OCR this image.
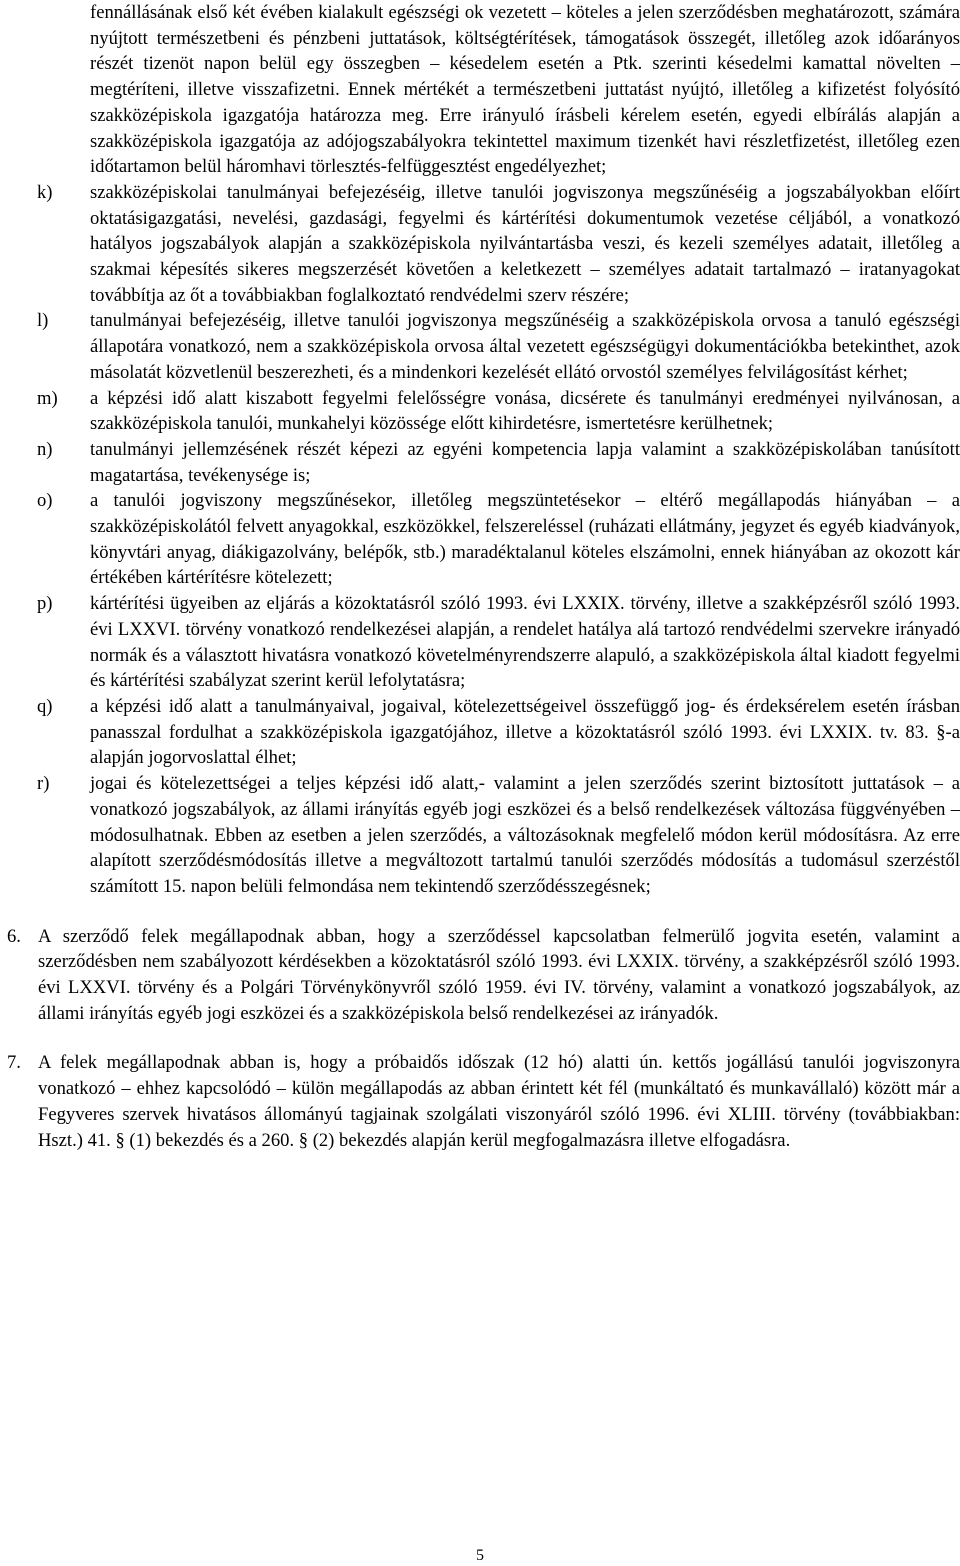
fennállásának első két évében kialakult egészségi ok vezetett – köteles a jelen szerződésben meghatározott, számára nyújtott természetbeni és pénzbeni juttatások, költségtérítések, támogatások összegét, illetőleg azok időarányos részét tizenöt napon belül egy összegben – késedelem esetén a Ptk. szerinti késedelmi kamattal növelten – megtéríteni, illetve visszafizetni. Ennek mértékét a természetbeni juttatást nyújtó, illetőleg a kifizetést folyósító szakközépiskola igazgatója határozza meg. Erre irányuló írásbeli kérelem esetén, egyedi elbírálás alapján a szakközépiskola igazgatója az adójogszabályokra tekintettel maximum tizenkét havi részletfizetést, illetőleg ezen időtartamon belül háromhavi törlesztés-felfüggesztést engedélyezhet;
k) szakközépiskolai tanulmányai befejezéséig, illetve tanulói jogviszonya megszűnéséig a jogszabályokban előírt oktatásigazgatási, nevelési, gazdasági, fegyelmi és kártérítési dokumentumok vezetése céljából, a vonatkozó hatályos jogszabályok alapján a szakközépiskola nyilvántartásba veszi, és kezeli személyes adatait, illetőleg a szakmai képesítés sikeres megszerzését követően a keletkezett – személyes adatait tartalmazó – iratanyagokat továbbítja az őt a továbbiakban foglalkoztató rendvédelmi szerv részére;
l) tanulmányai befejezéséig, illetve tanulói jogviszonya megszűnéséig a szakközépiskola orvosa a tanuló egészségi állapotára vonatkozó, nem a szakközépiskola orvosa által vezetett egészségügyi dokumentációkba betekinthet, azok másolatát közvetlenül beszerezheti, és a mindenkori kezelését ellátó orvostól személyes felvilágosítást kérhet;
m) a képzési idő alatt kiszabott fegyelmi felelősségre vonása, dicsérete és tanulmányi eredményei nyilvánosan, a szakközépiskola tanulói, munkahelyi közössége előtt kihirdetésre, ismertetésre kerülhetnek;
n) tanulmányi jellemzésének részét képezi az egyéni kompetencia lapja valamint a szakközépiskolában tanúsított magatartása, tevékenysége is;
o) a tanulói jogviszony megszűnésekor, illetőleg megszüntetésekor – eltérő megállapodás hiányában – a szakközépiskolától felvett anyagokkal, eszközökkel, felszereléssel (ruházati ellátmány, jegyzet és egyéb kiadványok, könyvtári anyag, diákigazolvány, belépők, stb.) maradéktalanul köteles elszámolni, ennek hiányában az okozott kár értékében kártérítésre kötelezett;
p) kártérítési ügyeiben az eljárás a közoktatásról szóló 1993. évi LXXIX. törvény, illetve a szakképzésről szóló 1993. évi LXXVI. törvény vonatkozó rendelkezései alapján, a rendelet hatálya alá tartozó rendvédelmi szervekre irányadó normák és a választott hivatásra vonatkozó követelményrendszerre alapuló, a szakközépiskola által kiadott fegyelmi és kártérítési szabályzat szerint kerül lefolytatásra;
q) a képzési idő alatt a tanulmányaival, jogaival, kötelezettségeivel összefüggő jog- és érdeksérelem esetén írásban panasszal fordulhat a szakközépiskola igazgatójához, illetve a közoktatásról szóló 1993. évi LXXIX. tv. 83. §-a alapján jogorvoslattal élhet;
r) jogai és kötelezettségei a teljes képzési idő alatt,- valamint a jelen szerződés szerint biztosított juttatások – a vonatkozó jogszabályok, az állami irányítás egyéb jogi eszközei és a belső rendelkezések változása függvényében – módosulhatnak. Ebben az esetben a jelen szerződés, a változásoknak megfelelő módon kerül módosításra. Az erre alapított szerződésmódosítás illetve a megváltozott tartalmú tanulói szerződés módosítás a tudomásul szerzéstől számított 15. napon belüli felmondása nem tekintendő szerződésszegésnek;
6. A szerződő felek megállapodnak abban, hogy a szerződéssel kapcsolatban felmerülő jogvita esetén, valamint a szerződésben nem szabályozott kérdésekben a közoktatásról szóló 1993. évi LXXIX. törvény, a szakképzésről szóló 1993. évi LXXVI. törvény és a Polgári Törvénykönyvről szóló 1959. évi IV. törvény, valamint a vonatkozó jogszabályok, az állami irányítás egyéb jogi eszközei és a szakközépiskola belső rendelkezései az irányadók.
7. A felek megállapodnak abban is, hogy a próbaidős időszak (12 hó) alatti ún. kettős jogállású tanulói jogviszonyra vonatkozó – ehhez kapcsolódó – külön megállapodás az abban érintett két fél (munkáltató és munkavállaló) között már a Fegyveres szervek hivatásos állományú tagjainak szolgálati viszonyáról szóló 1996. évi XLIII. törvény (továbbiakban: Hszt.) 41. § (1) bekezdés és a 260. § (2) bekezdés alapján kerül megfogalmazásra illetve elfogadásra.
5
